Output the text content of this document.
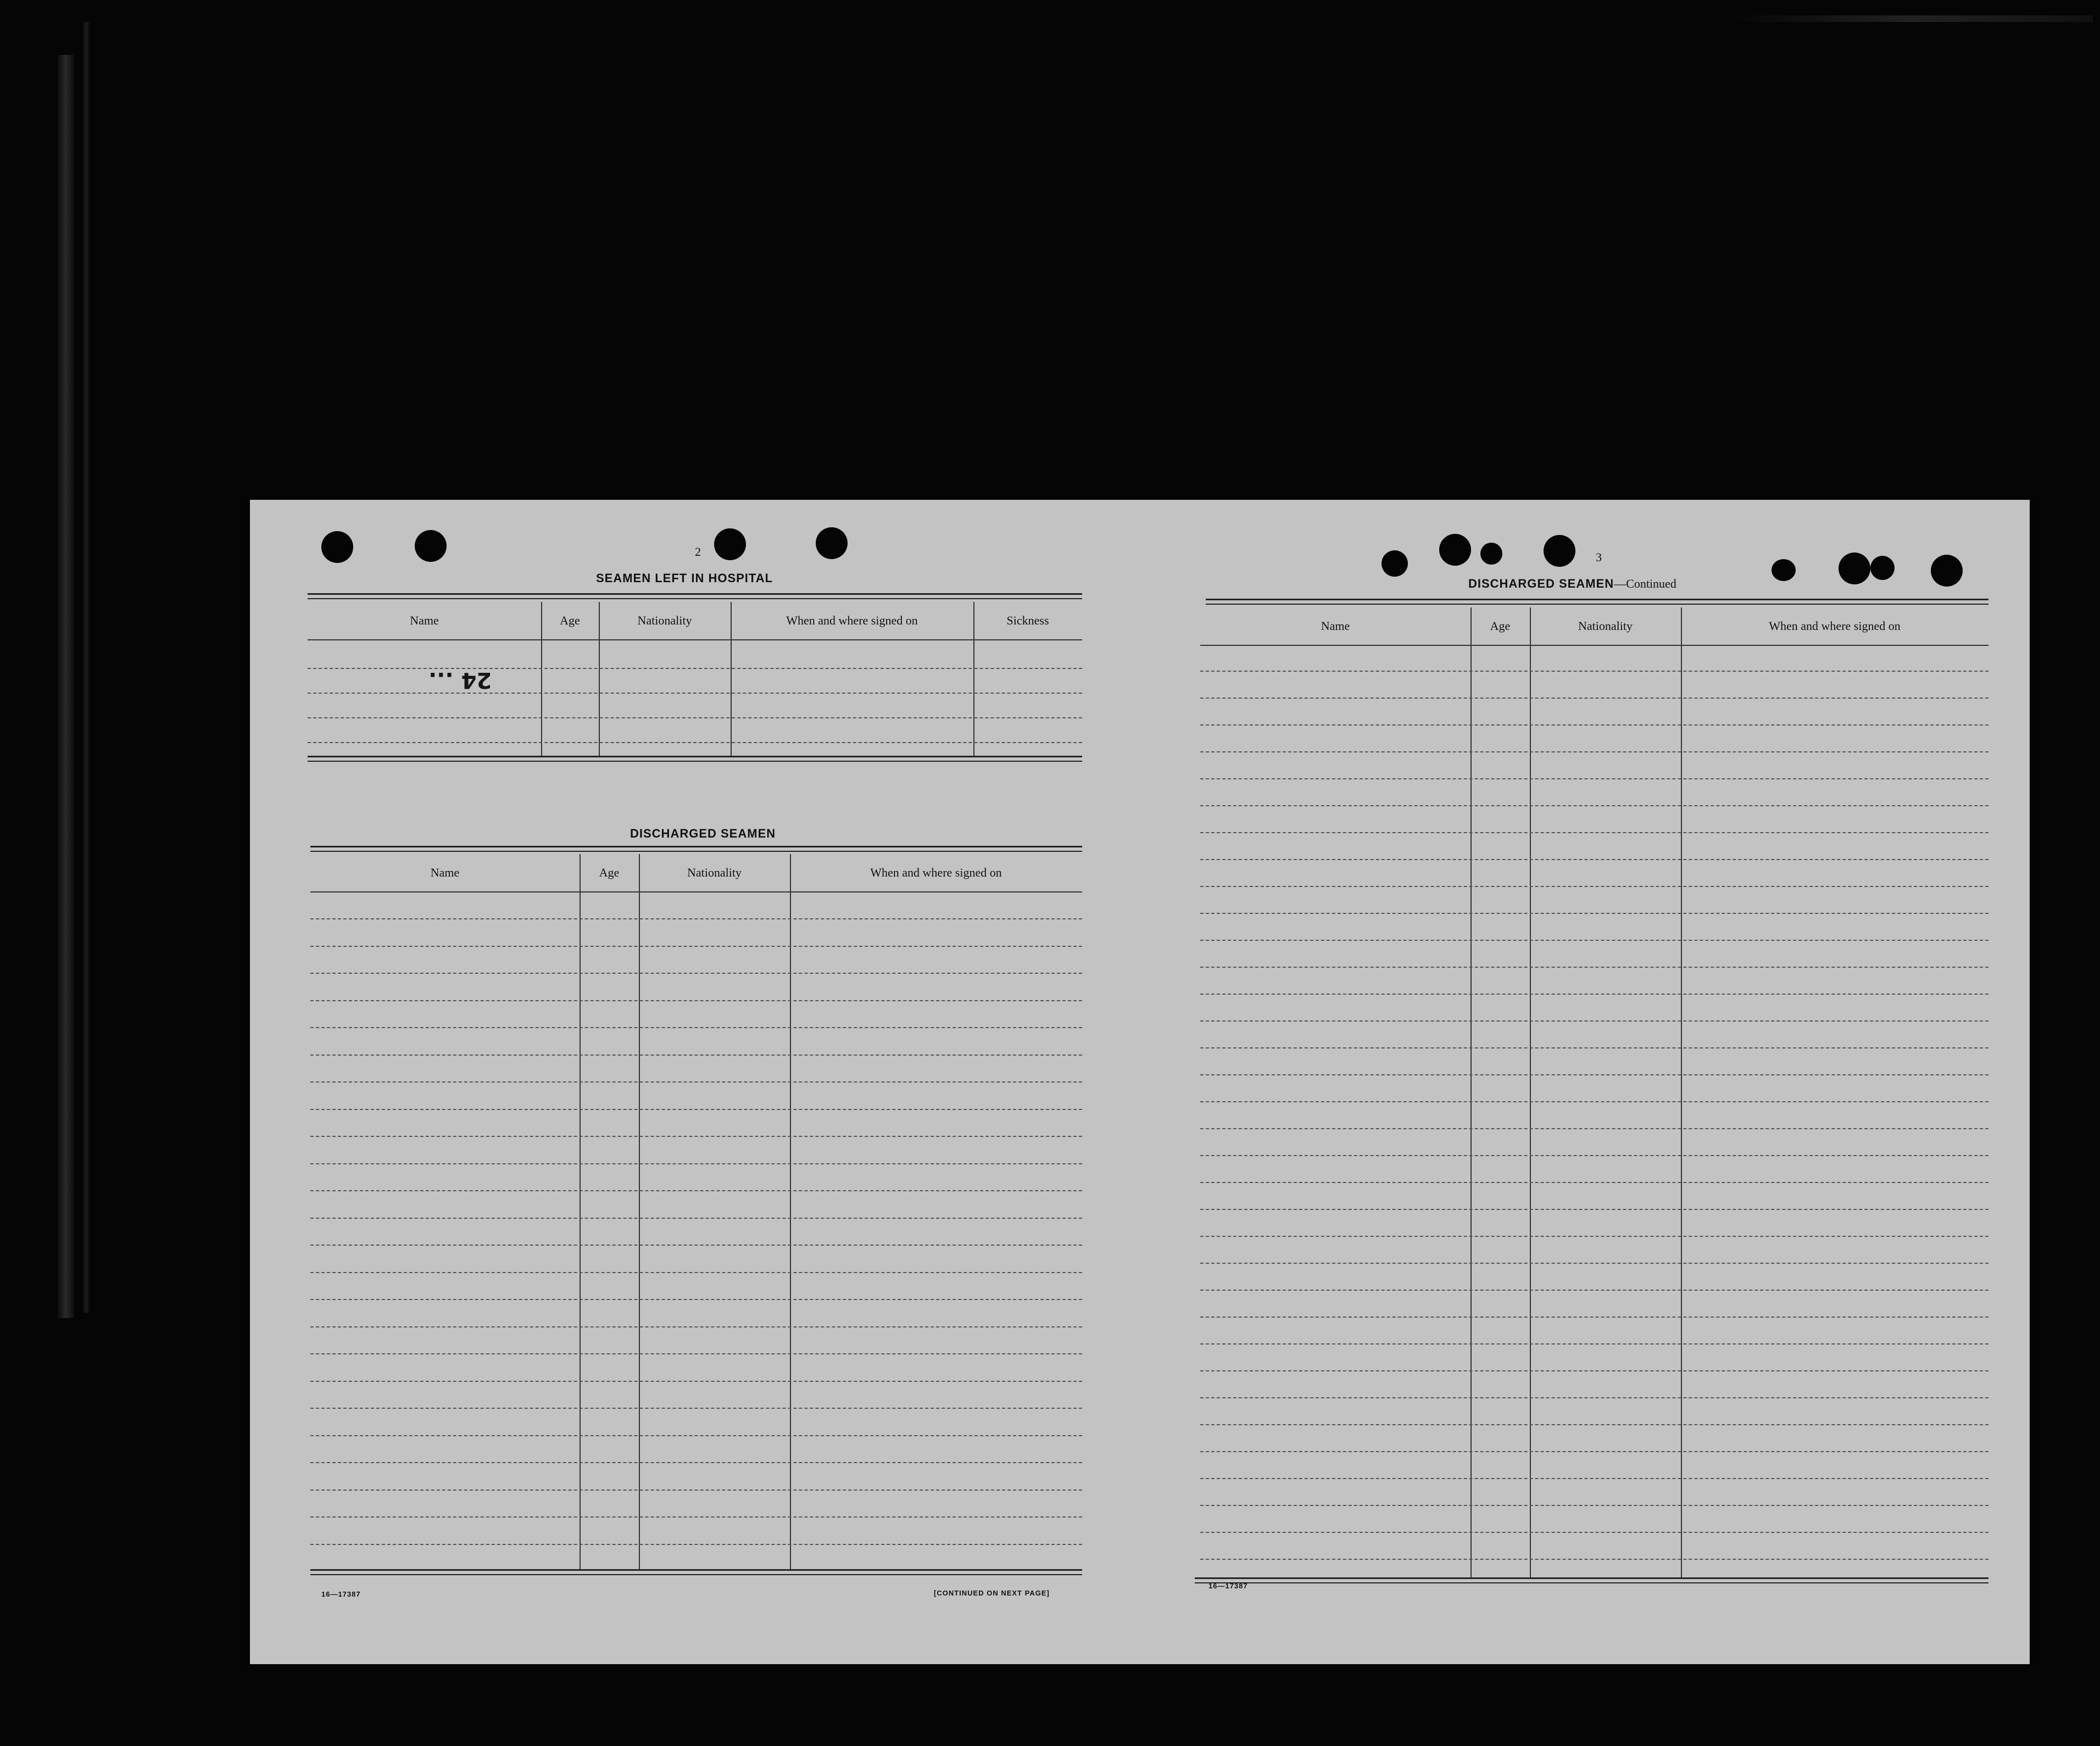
2
SEAMEN LEFT IN HOSPITAL
Name	Age	Nationality	When and where signed on	Sickness
24 ...
DISCHARGED SEAMEN
Name	Age	Nationality	When and where signed on
16—17387	[CONTINUED ON NEXT PAGE]
3
DISCHARGED SEAMEN—Continued
Name	Age	Nationality	When and where signed on
16—17387
